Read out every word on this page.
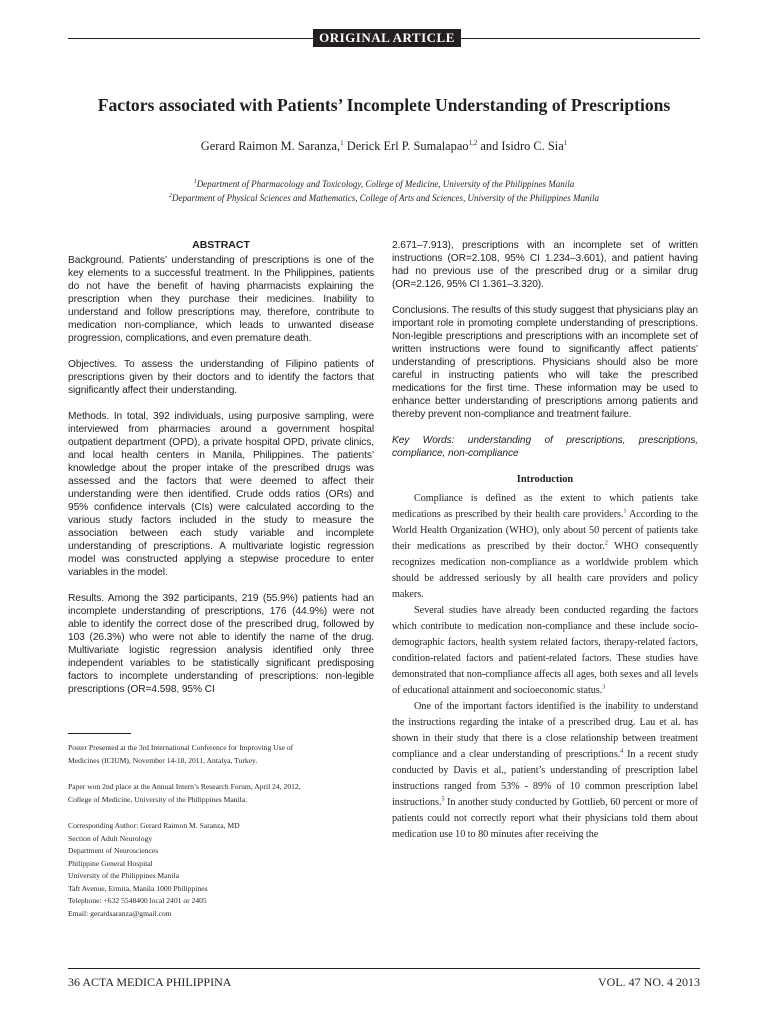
ORIGINAL ARTICLE
Factors associated with Patients’ Incomplete Understanding of Prescriptions
Gerard Raimon M. Saranza,$^1$ Derick Erl P. Sumalapao$^{1,2}$ and Isidro C. Sia$^1$
$^1$Department of Pharmacology and Toxicology, College of Medicine, University of the Philippines Manila
$^2$Department of Physical Sciences and Mathematics, College of Arts and Sciences, University of the Philippines Manila
ABSTRACT

Background. Patients’ understanding of prescriptions is one of the key elements to a successful treatment. In the Philippines, patients do not have the benefit of having pharmacists explaining the prescription when they purchase their medicines. Inability to understand and follow prescriptions may, therefore, contribute to medication non-compliance, which leads to unwanted disease progression, complications, and even premature death.

Objectives. To assess the understanding of Filipino patients of prescriptions given by their doctors and to identify the factors that significantly affect their understanding.

Methods. In total, 392 individuals, using purposive sampling, were interviewed from pharmacies around a government hospital outpatient department (OPD), a private hospital OPD, private clinics, and local health centers in Manila, Philippines. The patients’ knowledge about the proper intake of the prescribed drugs was assessed and the factors that were deemed to affect their understanding were then identified. Crude odds ratios (ORs) and 95% confidence intervals (CIs) were calculated according to the various study factors included in the study to measure the association between each study variable and incomplete understanding of prescriptions. A multivariate logistic regression model was constructed applying a stepwise procedure to enter variables in the model.

Results. Among the 392 participants, 219 (55.9%) patients had an incomplete understanding of prescriptions, 176 (44.9%) were not able to identify the correct dose of the prescribed drug, followed by 103 (26.3%) who were not able to identify the name of the drug. Multivariate logistic regression analysis identified only three independent variables to be statistically significant predisposing factors to incomplete understanding of prescriptions: non-legible prescriptions (OR=4.598, 95% CI

Poster Presented at the 3rd International Conference for Improving Use of
Medicines (ICIUM), November 14-18, 2011, Antalya, Turkey.
Paper won 2nd place at the Annual Intern’s Research Forum, April 24, 2012,
College of Medicine, University of the Philippines Manila.
Corresponding Author: Gerard Raimon M. Saranza, MD
Section of Adult Neurology
Department of Neurosciences
Philippine General Hospital
University of the Philippines Manila
Taft Avenue, Ermita, Manila 1000 Philippines
Telephone: +632 5548400 local 2401 or 2405
Email: gerardsaranza@gmail.com

2.671–7.913), prescriptions with an incomplete set of written instructions (OR=2.108, 95% CI 1.234–3.601), and patient having had no previous use of the prescribed drug or a similar drug (OR=2.126, 95% CI 1.361–3.320).

Conclusions. The results of this study suggest that physicians play an important role in promoting complete understanding of prescriptions. Non-legible prescriptions and prescriptions with an incomplete set of written instructions were found to significantly affect patients’ understanding of prescriptions. Physicians should also be more careful in instructing patients who will take the prescribed medications for the first time. These information may be used to enhance better understanding of prescriptions among patients and thereby prevent non-compliance and treatment failure.

Key Words: understanding of prescriptions, prescriptions, compliance, non-compliance

Introduction

Compliance is defined as the extent to which patients take medications as prescribed by their health care providers.$^1$ According to the World Health Organization (WHO), only about 50 percent of patients take their medications as prescribed by their doctor.$^2$ WHO consequently recognizes medication non-compliance as a worldwide problem which should be addressed seriously by all health care providers and policy makers.

Several studies have already been conducted regarding the factors which contribute to medication non-compliance and these include socio-demographic factors, health system related factors, therapy-related factors, condition-related factors and patient-related factors. These studies have demonstrated that non-compliance affects all ages, both sexes and all levels of educational attainment and socioeconomic status.$^3$

One of the important factors identified is the inability to understand the instructions regarding the intake of a prescribed drug. Lau et al. has shown in their study that there is a close relationship between treatment compliance and a clear understanding of prescriptions.$^4$ In a recent study conducted by Davis et al., patient’s understanding of prescription label instructions ranged from 53% - 89% of 10 common prescription label instructions.$^5$ In another study conducted by Gottlieb, 60 percent or more of patients could not correctly report what their physicians told them about medication use 10 to 80 minutes after receiving the

36 ACTA MEDICA PHILIPPINA	VOL. 47 NO. 4 2013
